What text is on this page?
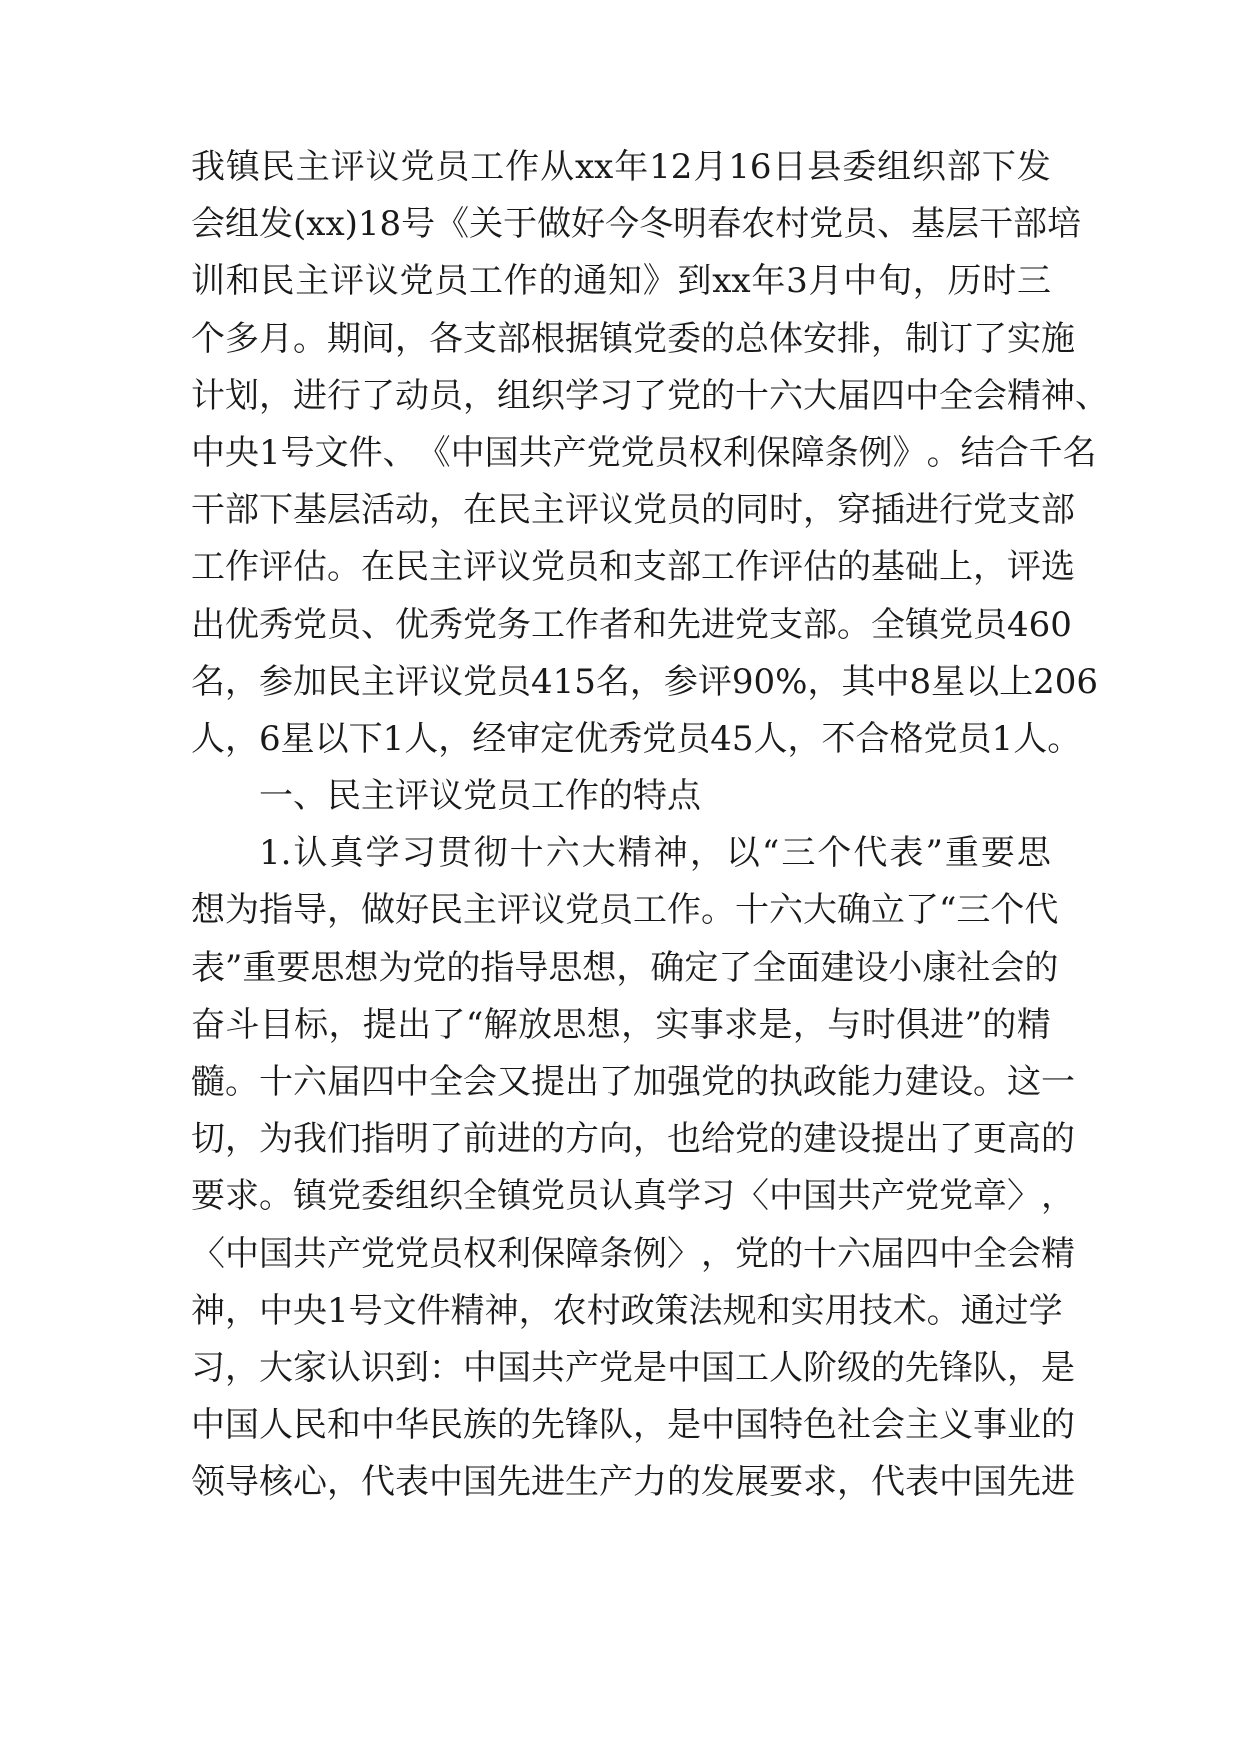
我 镇 民 主 评 议 党 员 工 作 从 xx 年 12 月 16 日 县 委 组 织 部 下 发
会 组 发 (xx)18 号 《 关 于 做 好 今 冬 明 春 农 村 党 员 、 基 层 干 部 培
训 和 民 主 评 议 党 员 工 作 的 通 知 》 到 xx 年 3 月 中 旬 ， 历 时 三
个 多 月 。 期 间 ， 各 支 部 根 据 镇 党 委 的 总 体 安 排 ， 制 订 了 实 施
计 划 ， 进 行 了 动 员 ， 组 织 学 习 了 党 的 十 六 大 届 四 中 全 会 精 神 、
中 央 1 号 文 件 、 《 中 国 共 产 党 党 员 权 利 保 障 条 例 》 。 结 合 千 名
干 部 下 基 层 活 动 ， 在 民 主 评 议 党 员 的 同 时 ， 穿 插 进 行 党 支 部
工 作 评 估 。 在 民 主 评 议 党 员 和 支 部 工 作 评 估 的 基 础 上 ， 评 选
出 优 秀 党 员 、 优 秀 党 务 工 作 者 和 先 进 党 支 部 。 全 镇 党 员 460
名 ， 参 加 民 主 评 议 党 员 415 名 ， 参 评 90% ， 其 中 8 星 以 上 206
人 ， 6 星 以 下 1 人 ， 经 审 定 优 秀 党 员 45 人 ， 不 合 格 党 员 1 人 。
一 、 民 主 评 议 党 员 工 作 的 特 点
1. 认 真 学 习 贯 彻 十 六 大 精 神 ， 以 “ 三 个 代 表 ” 重 要 思
想 为 指 导 ， 做 好 民 主 评 议 党 员 工 作 。 十 六 大 确 立 了 “ 三 个 代
表 ” 重 要 思 想 为 党 的 指 导 思 想 ， 确 定 了 全 面 建 设 小 康 社 会 的
奋 斗 目 标 ， 提 出 了 “ 解 放 思 想 ， 实 事 求 是 ， 与 时 俱 进 ” 的 精
髓 。 十 六 届 四 中 全 会 又 提 出 了 加 强 党 的 执 政 能 力 建 设 。 这 一
切 ， 为 我 们 指 明 了 前 进 的 方 向 ， 也 给 党 的 建 设 提 出 了 更 高 的
要 求 。 镇 党 委 组 织 全 镇 党 员 认 真 学 习 〈 中 国 共 产 党 党 章 〉 ，
〈 中 国 共 产 党 党 员 权 利 保 障 条 例 〉 ， 党 的 十 六 届 四 中 全 会 精
神 ， 中 央 1 号 文 件 精 神 ， 农 村 政 策 法 规 和 实 用 技 术 。 通 过 学
习 ， 大 家 认 识 到 ： 中 国 共 产 党 是 中 国 工 人 阶 级 的 先 锋 队 ， 是
中 国 人 民 和 中 华 民 族 的 先 锋 队 ， 是 中 国 特 色 社 会 主 义 事 业 的
领 导 核 心 ， 代 表 中 国 先 进 生 产 力 的 发 展 要 求 ， 代 表 中 国 先 进
